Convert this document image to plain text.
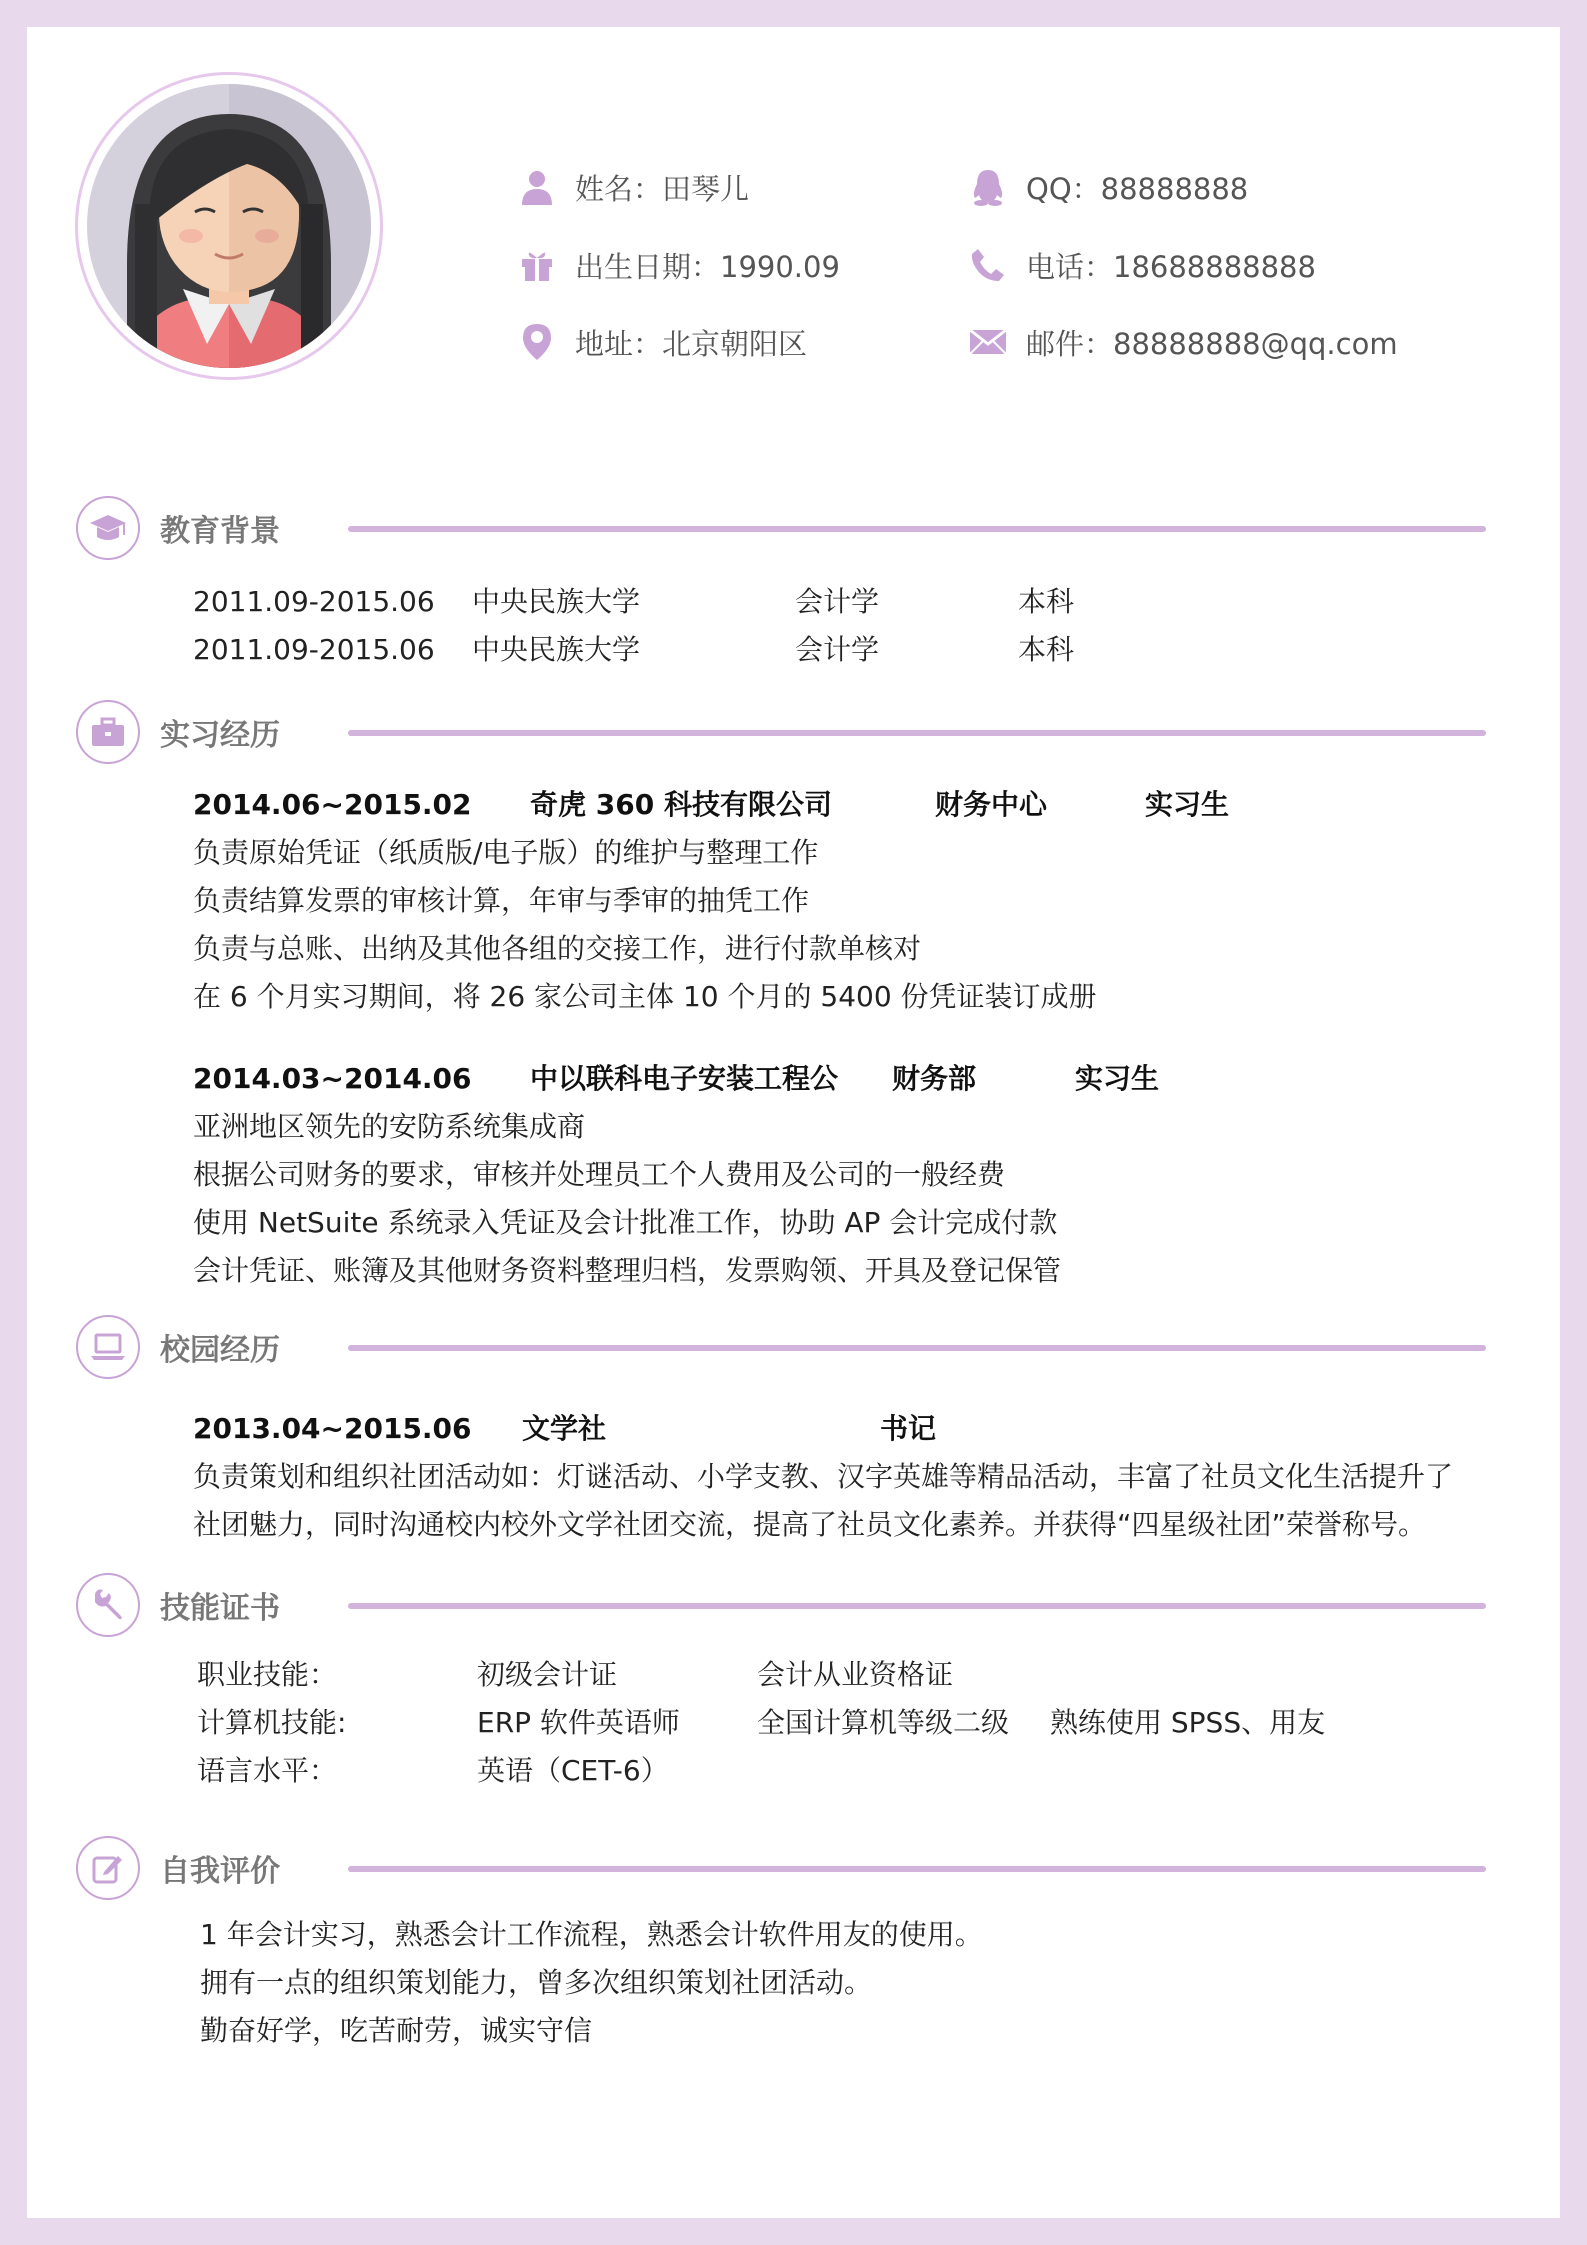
姓名：田琴儿
出生日期：1990.09
地址：北京朝阳区
QQ：88888888
电话：18688888888
邮件：88888888@qq.com
教育背景
2011.09-2015.06 中央民族大学	会计学	本科
2011.09-2015.06 中央民族大学	会计学	本科
实习经历
2014.06~2015.02 奇虎 360 科技有限公司	财务中心	实习生
负责原始凭证（纸质版/电子版）的维护与整理工作
负责结算发票的审核计算，年审与季审的抽凭工作
负责与总账、出纳及其他各组的交接工作，进行付款单核对
在 6 个月实习期间，将 26 家公司主体 10 个月的 5400 份凭证装订成册
2014.03~2014.06 中以联科电子安装工程公 财务部	实习生
亚洲地区领先的安防系统集成商
根据公司财务的要求，审核并处理员工个人费用及公司的一般经费
使用 NetSuite 系统录入凭证及会计批准工作，协助 AP 会计完成付款
会计凭证、账簿及其他财务资料整理归档，发票购领、开具及登记保管
校园经历
2013.04~2015.06 文学社	书记
负责策划和组织社团活动如：灯谜活动、小学支教、汉字英雄等精品活动，丰富了社员文化生活提升了
社团魅力，同时沟通校内校外文学社团交流，提高了社员文化素养。并获得“四星级社团”荣誉称号。
技能证书
职业技能：	初级会计证	会计从业资格证
计算机技能:	ERP 软件英语师	全国计算机等级二级 熟练使用 SPSS、用友
语言水平：	英语（CET-6）
自我评价
1 年会计实习，熟悉会计工作流程，熟悉会计软件用友的使用。
拥有一点的组织策划能力，曾多次组织策划社团活动。
勤奋好学，吃苦耐劳，诚实守信
